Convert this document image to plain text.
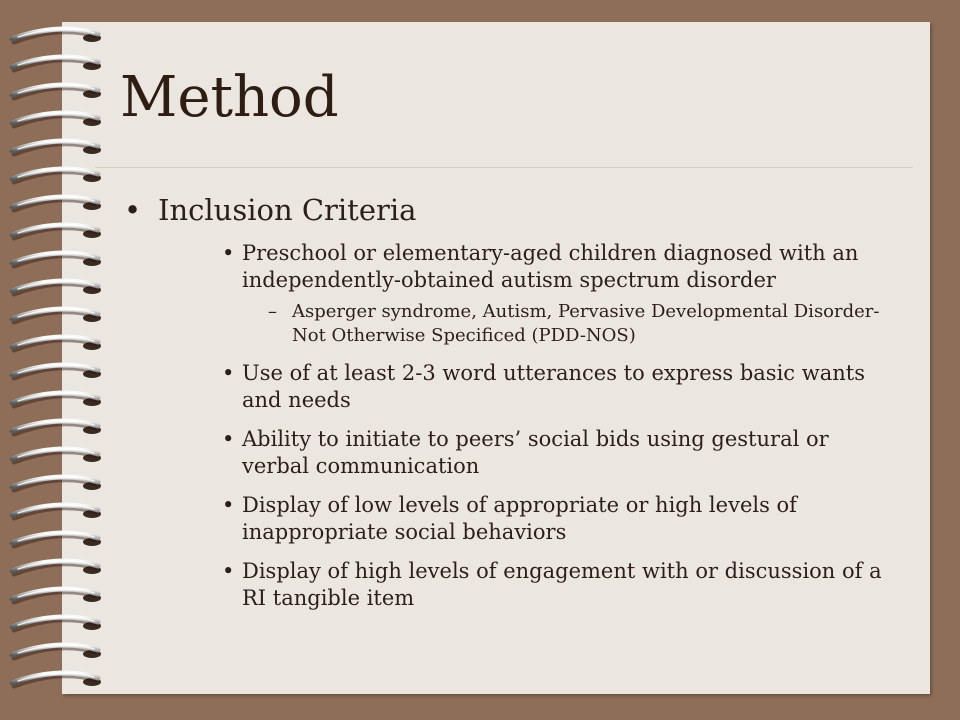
Method
• Inclusion Criteria
• Preschool or elementary-aged children diagnosed with an independently-obtained autism spectrum disorder
– Asperger syndrome, Autism, Pervasive Developmental Disorder-Not Otherwise Specificed (PDD-NOS)
• Use of at least 2-3 word utterances to express basic wants and needs
• Ability to initiate to peers’ social bids using gestural or verbal communication
• Display of low levels of appropriate or high levels of inappropriate social behaviors
• Display of high levels of engagement with or discussion of a RI tangible item
